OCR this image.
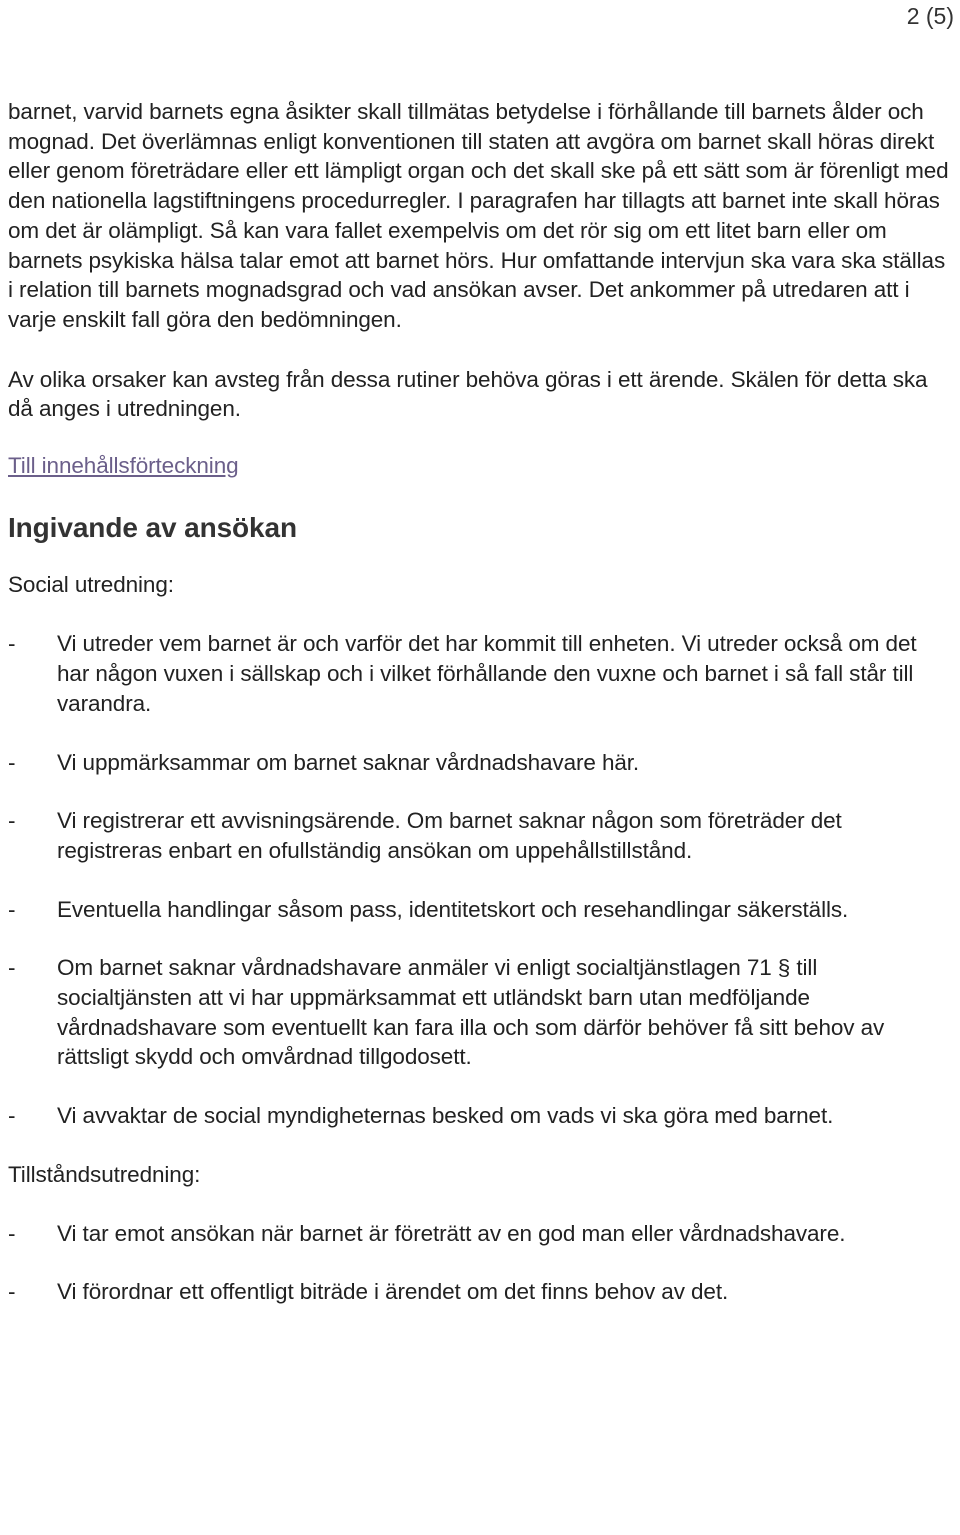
2 (5)

barnet, varvid barnets egna åsikter skall tillmätas betydelse i förhållande till barnets ålder och mognad. Det överlämnas enligt konventionen till staten att avgöra om barnet skall höras direkt eller genom företrädare eller ett lämpligt organ och det skall ske på ett sätt som är förenligt med den nationella lagstiftningens procedurregler. I paragrafen har tillagts att barnet inte skall höras om det är olämpligt. Så kan vara fallet exempelvis om det rör sig om ett litet barn eller om barnets psykiska hälsa talar emot att barnet hörs. Hur omfattande intervjun ska vara ska ställas i relation till barnets mognadsgrad och vad ansökan avser. Det ankommer på utredaren att i varje enskilt fall göra den bedömningen.

Av olika orsaker kan avsteg från dessa rutiner behöva göras i ett ärende. Skälen för detta ska då anges i utredningen.

Till innehållsförteckning
Ingivande av ansökan

Social utredning:

- Vi utreder vem barnet är och varför det har kommit till enheten. Vi utreder också om det har någon vuxen i sällskap och i vilket förhållande den vuxne och barnet i så fall står till varandra.
- Vi uppmärksammar om barnet saknar vårdnadshavare här.
- Vi registrerar ett avvisningsärende. Om barnet saknar någon som företräder det registreras enbart en ofullständig ansökan om uppehållstillstånd.
- Eventuella handlingar såsom pass, identitetskort och resehandlingar säkerställs.
- Om barnet saknar vårdnadshavare anmäler vi enligt socialtjänstlagen 71 § till socialtjänsten att vi har uppmärksammat ett utländskt barn utan medföljande vårdnadshavare som eventuellt kan fara illa och som därför behöver få sitt behov av rättsligt skydd och omvårdnad tillgodosett.
- Vi avvaktar de social myndigheternas besked om vads vi ska göra med barnet.

Tillståndsutredning:

- Vi tar emot ansökan när barnet är företrätt av en god man eller vårdnadshavare.
- Vi förordnar ett offentligt biträde i ärendet om det finns behov av det.
